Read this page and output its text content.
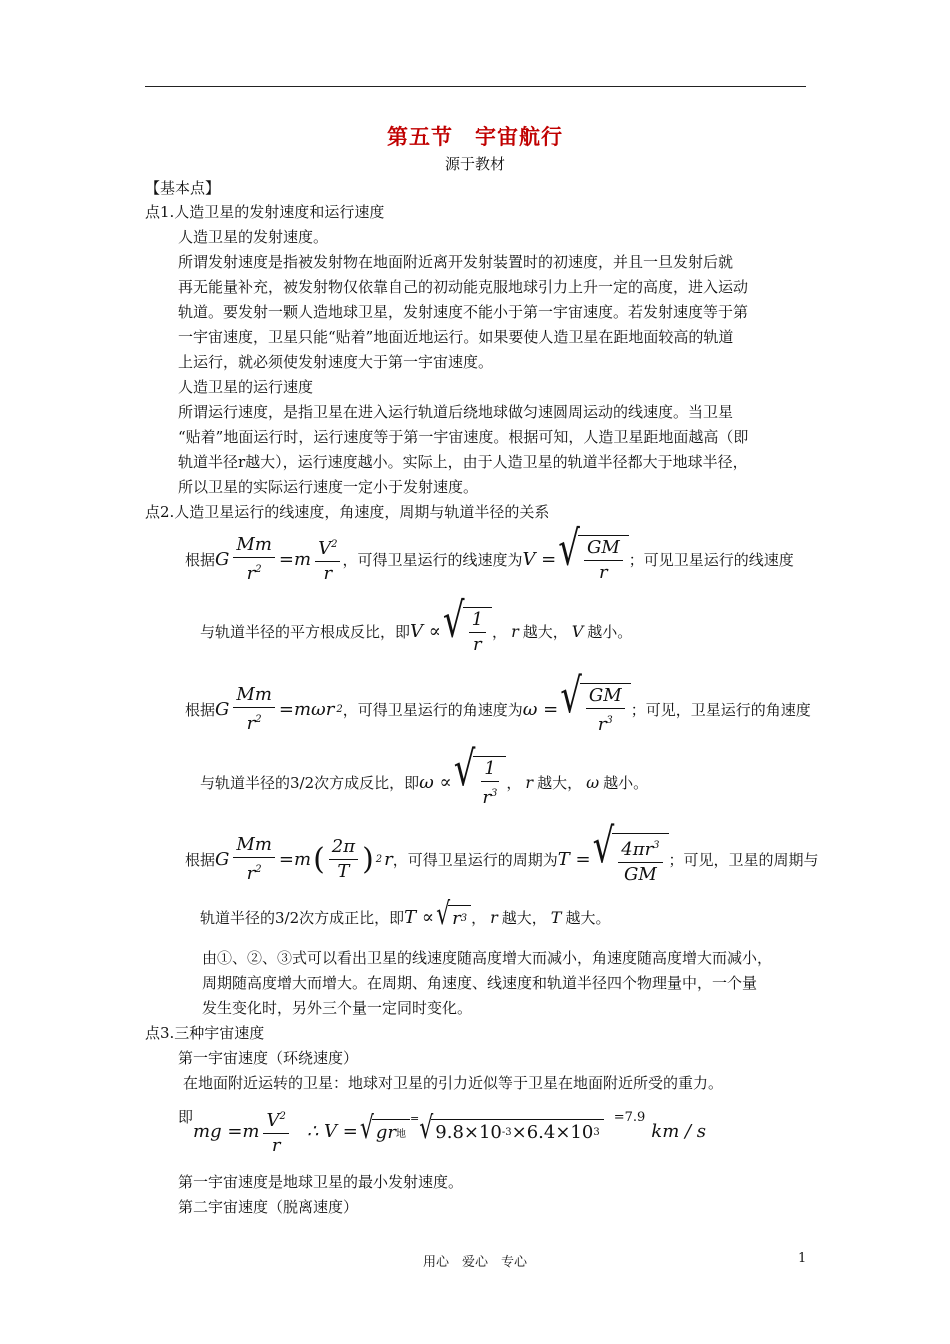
第五节　宇宙航行
源于教材
【基本点】
点1.人造卫星的发射速度和运行速度
人造卫星的发射速度。
所谓发射速度是指被发射物在地面附近离开发射装置时的初速度，并且一旦发射后就
再无能量补充，被发射物仅依靠自己的初动能克服地球引力上升一定的高度，进入运动
轨道。要发射一颗人造地球卫星，发射速度不能小于第一宇宙速度。若发射速度等于第
一宇宙速度，卫星只能“贴着”地面近地运行。如果要使人造卫星在距地面较高的轨道
上运行，就必须使发射速度大于第一宇宙速度。
人造卫星的运行速度
所谓运行速度，是指卫星在进入运行轨道后绕地球做匀速圆周运动的线速度。当卫星
“贴着”地面运行时，运行速度等于第一宇宙速度。根据可知，人造卫星距地面越高（即
轨道半径r越大），运行速度越小。实际上，由于人造卫星的轨道半径都大于地球半径，
所以卫星的实际运行速度一定小于发射速度。
点2.人造卫星运行的线速度，角速度，周期与轨道半径的关系
根据 G $\frac{Mm}{r^2} =m \frac{V^2}{r}$ ，可得卫星运行的线速度为 V = √ $\frac{GM}{r}$ ；可见卫星运行的线速度
与轨道半径的平方根成反比，即 V ∝ √ $\frac{1}{r}$ ， r 越大， V 越小。
根据 G $\frac{Mm}{r^2} =m\omega r$ 2 ，可得卫星运行的角速度为 ω = √ $\frac{GM}{r^3}$ ；可见，卫星运行的角速度
与轨道半径的3/2次方成反比，即 ω ∝ √ $\frac{1}{r^3}$ ， r 越大， ω 越小。
根据 G $\frac{Mm}{r^2} =m$ ( $\frac{2\pi}{T}$ ) 2 r ，可得卫星运行的周期为 T = √ $\frac{4\pi r^3}{GM}$ ；可见，卫星的周期与
轨道半径的3/2次方成正比，即 T ∝ √ r 3 ， r 越大， T 越大。
由①、②、③式可以看出卫星的线速度随高度增大而减小，角速度随高度增大而减小，
周期随高度增大而增大。在周期、角速度、线速度和轨道半径四个物理量中，一个量
发生变化时，另外三个量一定同时变化。
点3.三种宇宙速度
第一宇宙速度（环绕速度）
在地面附近运转的卫星：地球对卫星的引力近似等于卫星在地面附近所受的重力。
即
mg $=m \frac{V^2}{r}$ ∴ V = √ gr 地
= √ 9.8×10 -3 ×6.4×10 3
=7.9
km / s
第一宇宙速度是地球卫星的最小发射速度。
第二宇宙速度（脱离速度）
用心　爱心　专心	1
